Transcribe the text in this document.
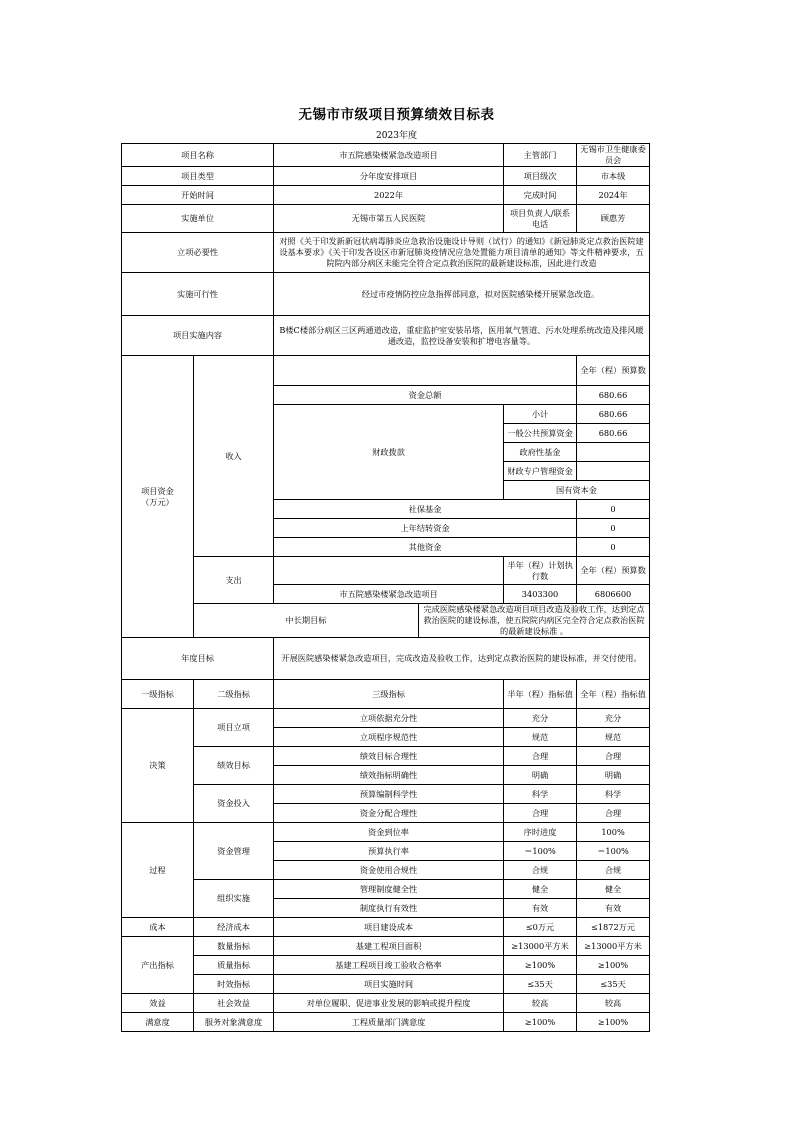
无锡市市级项目预算绩效目标表
2023年度
项目名称		市五院感染楼紧急改造项目		主管部门	无锡市卫生健康委员会	
项目类型		分年度安排项目		项目级次	市本级	
开始时间		2022年		完成时间	2024年	
实施单位		无锡市第五人民医院		项目负责人/联系电话	顾惠芳	
立项必要性		对照《关于印发新新冠状病毒肺炎应急救治设施设计导则（试行）的通知》《新冠肺炎定点救治医院建设基本要求》《关于印发各设区市新冠肺炎疫情况应急处置能力项目清单的通知》等文件精神要求，五院院内部分病区未能完全符合定点救治医院的最新建设标准，因此进行改造				
实施可行性		经过市疫情防控应急指挥部同意，拟对医院感染楼开展紧急改造。				
项目实施内容		B楼C楼部分病区三区两通道改造，重症监护室安装吊塔，医用氧气管道、污水处理系统改造及排风暖通改造，监控设备安装和扩增电容量等。				
项目资金（万元）	收入				全年（程）预算数	
		资金总额			680.66	
		财政拨款		小计	680.66	
				一般公共预算资金	680.66	
				政府性基金		
				财政专户管理资金		
				国有资本金		
		社保基金			0	
		上年结转资金			0	
		其他资金			0	
	支出			半年（程）计划执行数	全年（程）预算数	
		市五院感染楼紧急改造项目		3403300	6806600	
	中长期目标		完成医院感染楼紧急改造项目项目改造及验收工作，达到定点救治医院的建设标准，使五院院内病区完全符合定点救治医院的最新建设标准 。			
年度目标		开展医院感染楼紧急改造项目，完成改造及验收工作，达到定点救治医院的建设标准，并交付使用。				
一级指标	二级指标	三级指标		半年（程）指标值	全年（程）指标值	
决策	项目立项	立项依据充分性		充分	充分	
		立项程序规范性		规范	规范	
	绩效目标	绩效目标合理性		合理	合理	
		绩效指标明确性		明确	明确	
	资金投入	预算编制科学性		科学	科学	
		资金分配合理性		合理	合理	
过程	资金管理	资金到位率		序时进度	100%	
		预算执行率		＝100%	＝100%	
		资金使用合规性		合规	合规	
	组织实施	管理制度健全性		健全	健全	
		制度执行有效性		有效	有效	
成本	经济成本	项目建设成本		≤0万元	≤1872万元	
产出指标	数量指标	基建工程项目面积		≥13000平方米	≥13000平方米	
	质量指标	基建工程项目竣工验收合格率		≥100%	≥100%	
	时效指标	项目实施时间		≤35天	≤35天	
效益	社会效益	对单位履职、促进事业发展的影响或提升程度		较高	较高	
满意度	服务对象满意度	工程质量部门满意度		≥100%	≥100%	
